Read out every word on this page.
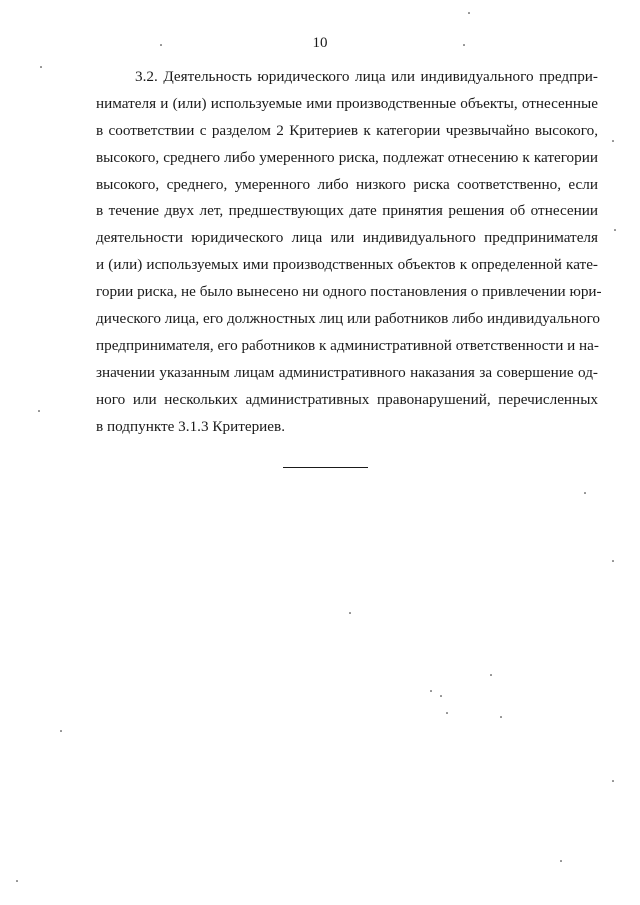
10
3.2. Деятельность юридического лица или индивидуального предпри-
нимателя и (или) используемые ими производственные объекты, отнесенные
в соответствии с разделом 2 Критериев к категории чрезвычайно высокого,
высокого, среднего либо умеренного риска, подлежат отнесению к категории
высокого, среднего, умеренного либо низкого риска соответственно, если
в течение двух лет, предшествующих дате принятия решения об отнесении
деятельности юридического лица или индивидуального предпринимателя
и (или) используемых ими производственных объектов к определенной кате-
гории риска, не было вынесено ни одного постановления о привлечении юри-
дического лица, его должностных лиц или работников либо индивидуального
предпринимателя, его работников к административной ответственности и на-
значении указанным лицам административного наказания за совершение од-
ного или нескольких административных правонарушений, перечисленных
в подпункте 3.1.3 Критериев.
